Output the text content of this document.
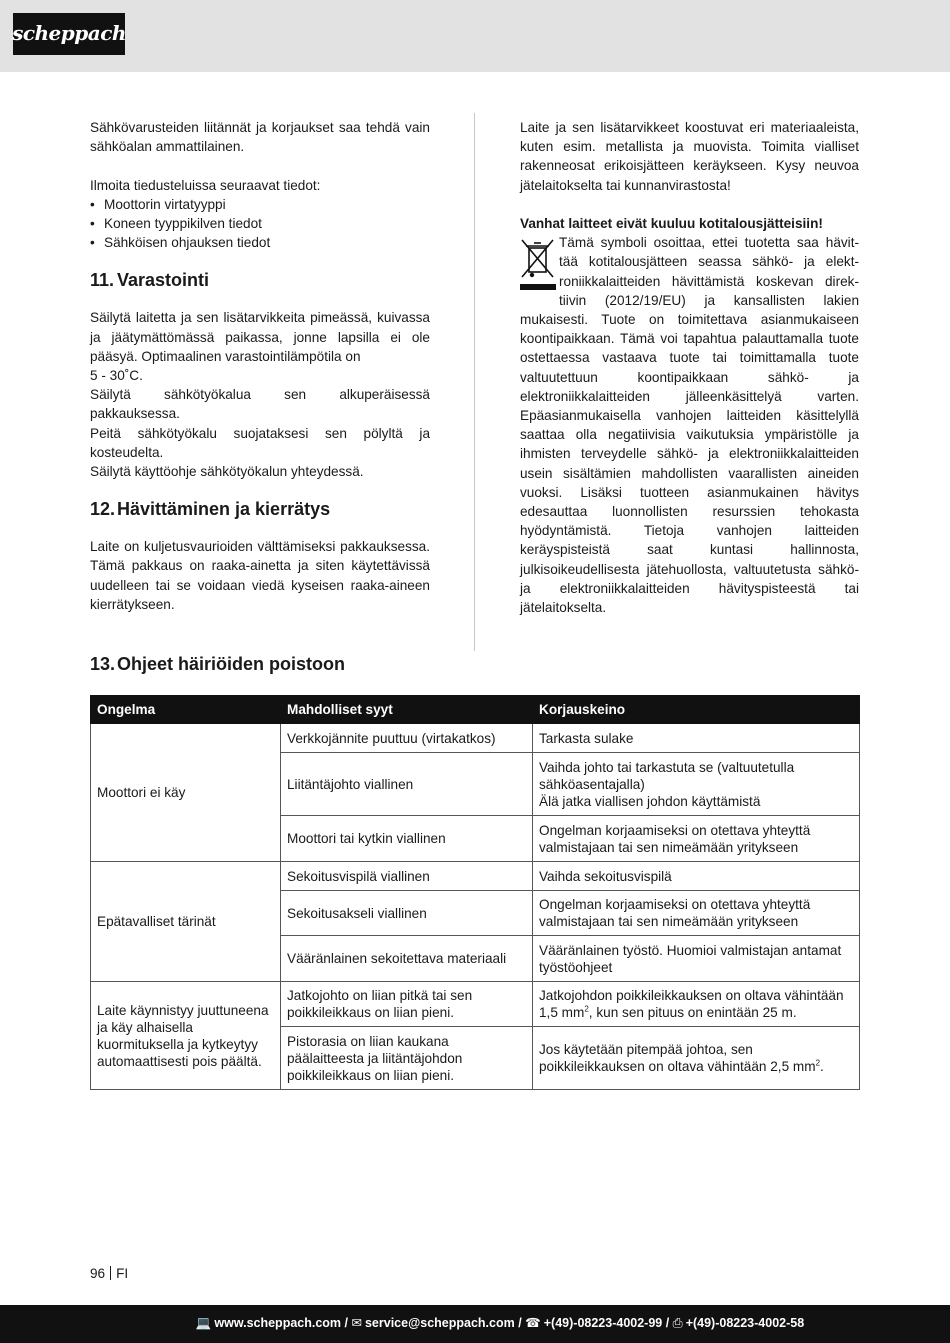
scheppach

Sähkövarusteiden liitännät ja korjaukset saa tehdä vain sähköalan ammattilainen.

Ilmoita tiedusteluissa seuraavat tiedot:

• Moottorin virtatyyppi
• Koneen tyyppikilven tiedot
• Sähköisen ohjauksen tiedot
11. Varastointi

Säilytä laitetta ja sen lisätarvikkeita pimeässä, kuivassa ja jäätymättömässä paikassa, jonne lapsilla ei ole pääsyä. Optimaalinen varastointilämpötila on

5 - 30˚C.

Säilytä sähkötyökalua sen alkuperäisessä pakkauksessa.

Peitä sähkötyökalu suojataksesi sen pölyltä ja kosteudelta.

Säilytä käyttöohje sähkötyökalun yhteydessä.

12. Hävittäminen ja kierrätys

Laite on kuljetusvaurioiden välttämiseksi pakkauksessa. Tämä pakkaus on raaka-ainetta ja siten käytettävissä uudelleen tai se voidaan viedä kyseisen raaka-aineen kierrätykseen.

Laite ja sen lisätarvikkeet koostuvat eri materiaaleista, kuten esim. metallista ja muovista. Toimita vialliset rakenneosat erikoisjätteen keräykseen. Kysy neuvoa jätelaitokselta tai kunnanvirastosta!

Vanhat laitteet eivät kuuluu kotitalousjätteisiin!

Tämä symboli osoittaa, ettei tuotetta saa hävit-

tää kotitalousjätteen seassa sähkö- ja elekt-

roniikkalaitteiden hävittämistä koskevan direk-

tiivin (2012/19/EU) ja kansallisten lakien

mukaisesti. Tuote on toimitettava asianmukaiseen koontipaikkaan. Tämä voi tapahtua palauttamalla tuote ostettaessa vastaava tuote tai toimittamalla tuote valtuutettuun koontipaikkaan sähkö- ja elektroniikkalaitteiden jälleenkäsittelyä varten. Epäasianmukaisella vanhojen laitteiden käsittelyllä saattaa olla negatiivisia vaikutuksia ympäristölle ja ihmisten terveydelle sähkö- ja elektroniikkalaitteiden usein sisältämien mahdollisten vaarallisten aineiden vuoksi. Lisäksi tuotteen asianmukainen hävitys edesauttaa luonnollisten resurssien tehokasta hyödyntämistä. Tietoja vanhojen laitteiden keräyspisteistä saat kuntasi hallinnosta, julkisoikeudellisesta jätehuollosta, valtuutetusta sähkö- ja elektroniikkalaitteiden hävityspisteestä tai jätelaitokselta.

13. Ohjeet häiriöiden poistoon
Ongelma	Mahdolliset syyt	Korjauskeino
Moottori ei käy	Verkkojännite puuttuu (virtakatkos)	Tarkasta sulake
	Liitäntäjohto viallinen	Vaihda johto tai tarkastuta se (valtuutetulla sähköasentajalla)
Älä jatka viallisen johdon käyttämistä

	Moottori tai kytkin viallinen	Ongelman korjaamiseksi on otettava yhteyttä valmistajaan tai sen nimeämään yritykseen
Epätavalliset tärinät	Sekoitusvispilä viallinen	Vaihda sekoitusvispilä
	Sekoitusakseli viallinen	Ongelman korjaamiseksi on otettava yhteyttä valmistajaan tai sen nimeämään yritykseen
	Vääränlainen sekoitettava materiaali	Vääränlainen työstö. Huomioi valmistajan antamat työstöohjeet
Laite käynnistyy juuttuneena ja käy alhaisella kuormituksella ja kytkeytyy automaattisesti pois päältä.	Jatkojohto on liian pitkä tai sen poikkileikkaus on liian pieni.	Jatkojohdon poikkileikkauksen on oltava vähintään 1,5 $mm^2$, kun sen pituus on enintään 25 m.
	Pistorasia on liian kaukana päälaitteesta ja liitäntäjohdon poikkileikkaus on liian pieni.	Jos käytetään pitempää johtoa, sen poikkileikkauksen on oltava vähintään 2,5 $mm^2$.
96 FI
💻 www.scheppach.com /
✉ service@scheppach.com /
☎ +(49)-08223-4002-99 /
⎙ +(49)-08223-4002-58
